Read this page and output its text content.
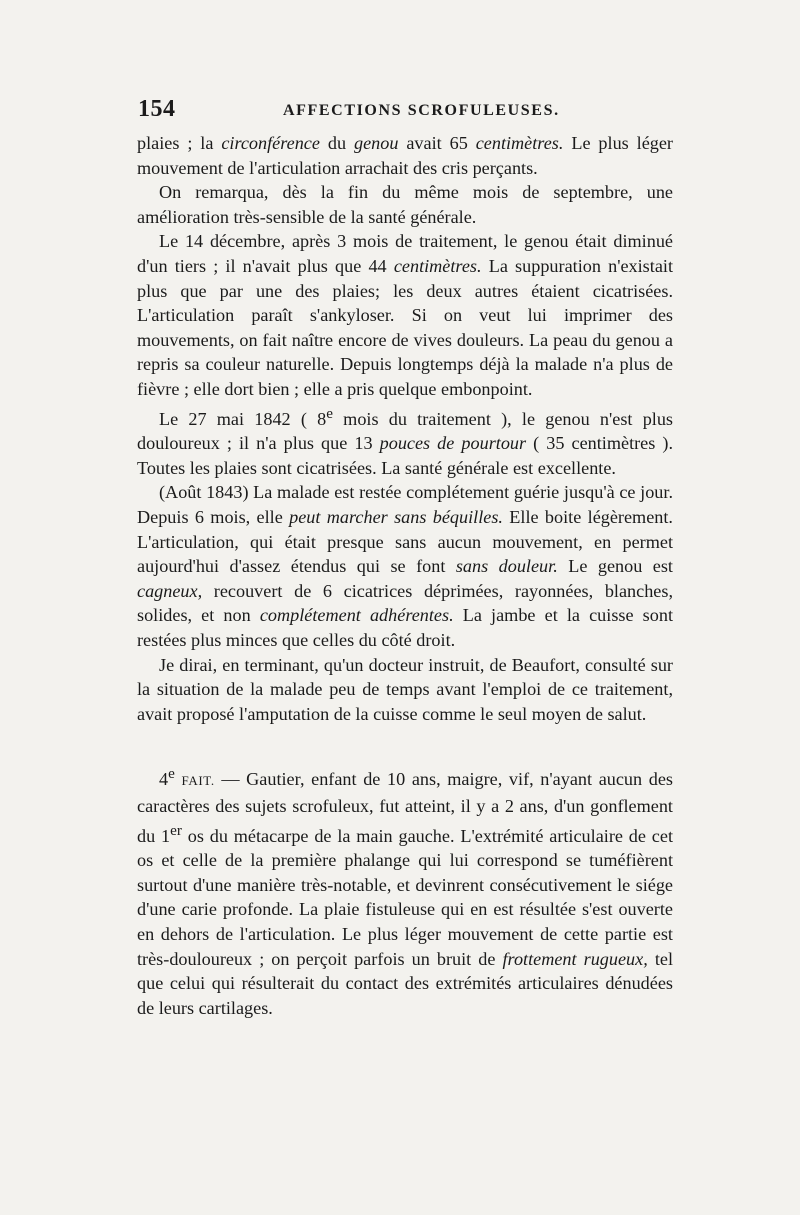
154	AFFECTIONS SCROFULEUSES.

plaies ; la circonférence du genou avait 65 centimètres. Le plus léger mouvement de l'articulation arrachait des cris perçants.

On remarqua, dès la fin du même mois de septembre, une amélioration très-sensible de la santé générale.

Le 14 décembre, après 3 mois de traitement, le genou était diminué d'un tiers ; il n'avait plus que 44 centimètres. La suppuration n'existait plus que par une des plaies; les deux autres étaient cicatrisées. L'articulation paraît s'ankyloser. Si on veut lui imprimer des mouvements, on fait naître encore de vives douleurs. La peau du genou a repris sa couleur naturelle. Depuis longtemps déjà la malade n'a plus de fièvre ; elle dort bien ; elle a pris quelque embonpoint.

Le 27 mai 1842 ( 8e mois du traitement ), le genou n'est plus douloureux ; il n'a plus que 13 pouces de pourtour ( 35 centimètres ). Toutes les plaies sont cicatrisées. La santé générale est excellente.

(Août 1843) La malade est restée complétement guérie jusqu'à ce jour. Depuis 6 mois, elle peut marcher sans béquilles. Elle boite légèrement. L'articulation, qui était presque sans aucun mouvement, en permet aujourd'hui d'assez étendus qui se font sans douleur. Le genou est cagneux, recouvert de 6 cicatrices déprimées, rayonnées, blanches, solides, et non complétement adhérentes. La jambe et la cuisse sont restées plus minces que celles du côté droit.

Je dirai, en terminant, qu'un docteur instruit, de Beaufort, consulté sur la situation de la malade peu de temps avant l'emploi de ce traitement, avait proposé l'amputation de la cuisse comme le seul moyen de salut.

4e FAIT. — Gautier, enfant de 10 ans, maigre, vif, n'ayant aucun des caractères des sujets scrofuleux, fut atteint, il y a 2 ans, d'un gonflement du 1er os du métacarpe de la main gauche. L'extrémité articulaire de cet os et celle de la première phalange qui lui correspond se tuméfièrent surtout d'une manière très-notable, et devinrent consécutivement le siége d'une carie profonde. La plaie fistuleuse qui en est résultée s'est ouverte en dehors de l'articulation. Le plus léger mouvement de cette partie est très-douloureux ; on perçoit parfois un bruit de frottement rugueux, tel que celui qui résulterait du contact des extrémités articulaires dénudées de leurs cartilages.
